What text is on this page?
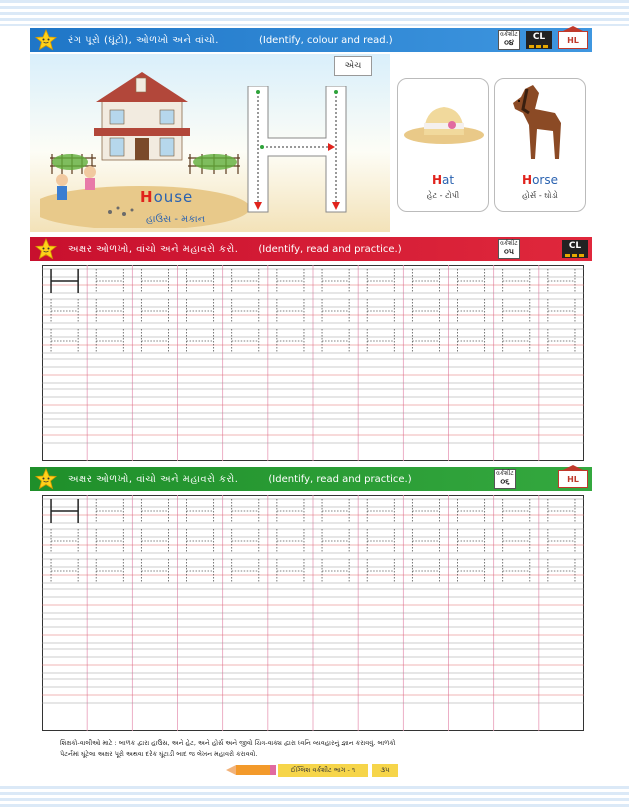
રંગ પૂરો (ઘૂંટો), ઓળખો અને વાંચો.	(Identify, colour and read.)	વર્કશીટ
૦૪
CL	HL
House
હાઉસ - મકાન
એચ
Hat
હેટ - ટોપી
Horse
હોર્સ - ઘોડો
અક્ષર ઓળખો, વાંચો અને મહાવરો કરો. (Identify, read and practice.)	વર્કશીટ
૦૫
CL
અક્ષર ઓળખો, વાંચો અને મહાવરો કરો.	(Identify, read and practice.)	વર્કશીટ
૦૬	HL
શિક્ષકો-વાલીઓ માટે : બાળક દ્વારા હાઉસ, અને હેટ, અને હોર્સ અને જીવો ચિત્ર-વાક્ય દ્વારા ધ્વનિ વ્યવહારનું જ્ઞાન કરાવવું. બાળકો
પેટર્નમાં ઘૂંટેલા અક્ષર પૂરો અથવા દરેક ઘૂંટાડી બાદ જ લેખન મહાવરો કરાવવો.
ઈંગ્લિશ વર્કશીટ ભાગ - ૧	૩૫
